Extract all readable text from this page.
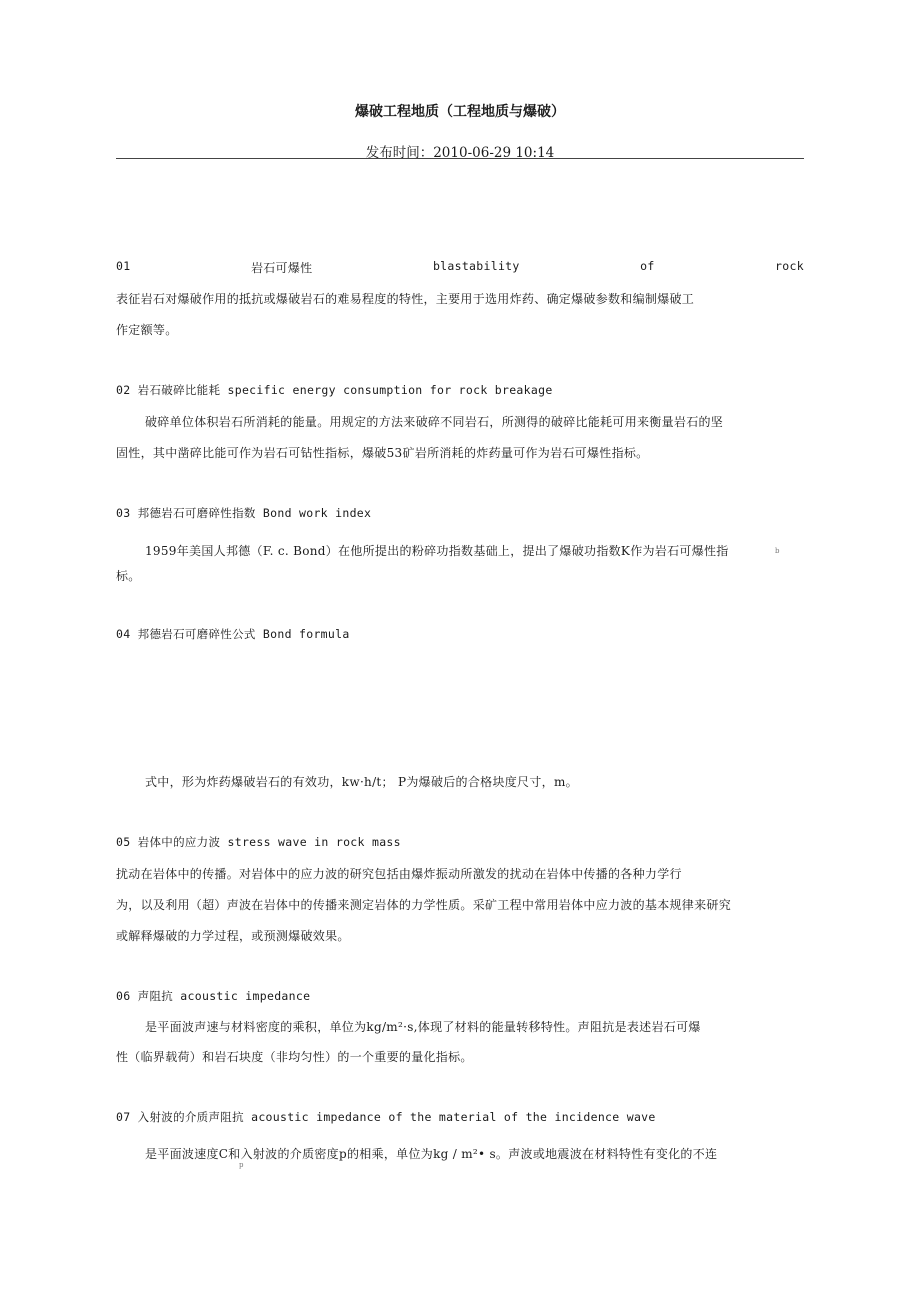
爆破工程地质（工程地质与爆破）
发布时间：2010-06-29 10:14
01	岩石可爆性	blastability	of	rock
表征岩石对爆破作用的抵抗或爆破岩石的难易程度的特性，主要用于选用炸药、确定爆破参数和编制爆破工
作定额等。
02 岩石破碎比能耗 specific energy consumption for rock breakage
破碎单位体积岩石所消耗的能量。用规定的方法来破碎不同岩石，所测得的破碎比能耗可用来衡量岩石的坚
固性，其中凿碎比能可作为岩石可钻性指标，爆破53矿岩所消耗的炸药量可作为岩石可爆性指标。
03 邦德岩石可磨碎性指数 Bond work index
1959年美国人邦德（F. c. Bond）在他所提出的粉碎功指数基础上，提出了爆破功指数K作为岩石可爆性指	b
标。
04 邦德岩石可磨碎性公式 Bond formula
式中，形为炸药爆破岩石的有效功，kw·h/t； P为爆破后的合格块度尺寸，m。
05 岩体中的应力波 stress wave in rock mass
扰动在岩体中的传播。对岩体中的应力波的研究包括由爆炸振动所激发的扰动在岩体中传播的各种力学行
为，以及利用（超）声波在岩体中的传播来测定岩体的力学性质。采矿工程中常用岩体中应力波的基本规律来研究
或解释爆破的力学过程，或预测爆破效果。
06 声阻抗 acoustic impedance
是平面波声速与材料密度的乘积，单位为kg/m²·s,体现了材料的能量转移特性。声阻抗是表述岩石可爆
性（临界载荷）和岩石块度（非均匀性）的一个重要的量化指标。
07 入射波的介质声阻抗 acoustic impedance of the material of the incidence wave
是平面波速度C和入射波的介质密度p的相乘，单位为kg / m²• s。声波或地震波在材料特性有变化的不连
p
